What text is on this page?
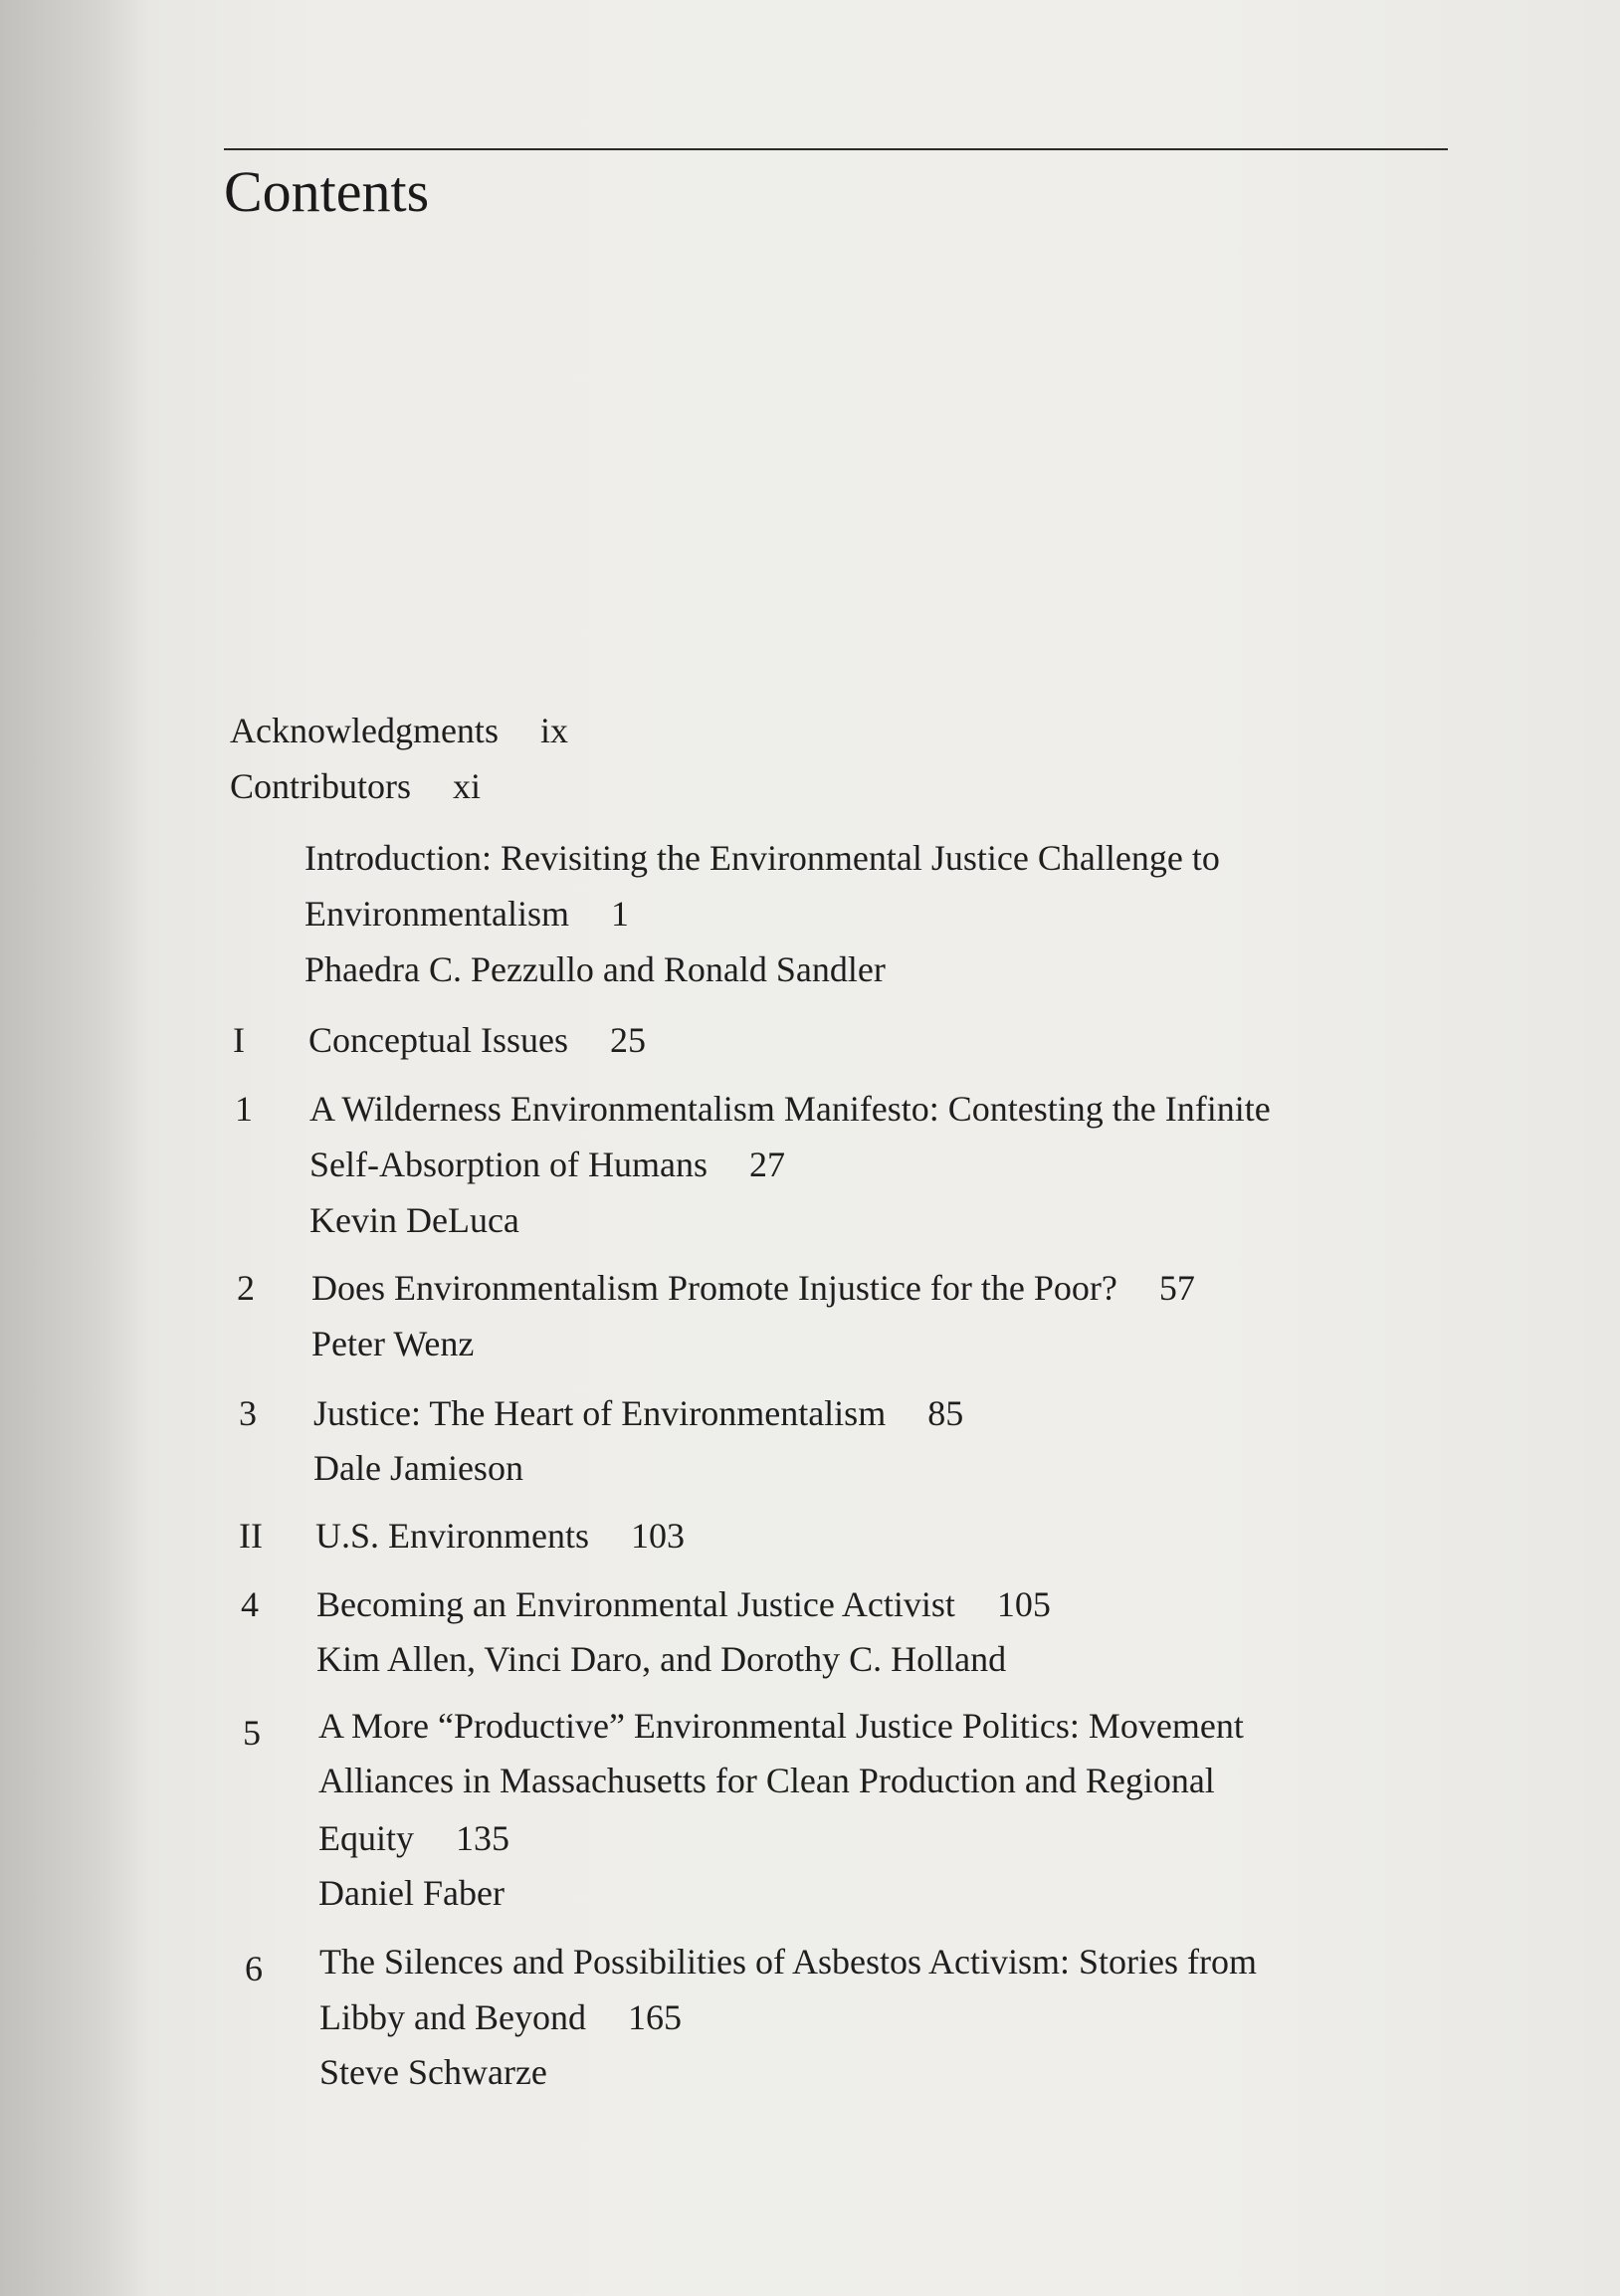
Contents
Acknowledgments ix
Contributors xi
Introduction: Revisiting the Environmental Justice Challenge to
Environmentalism 1
Phaedra C. Pezzullo and Ronald Sandler
I Conceptual Issues 25
1 A Wilderness Environmentalism Manifesto: Contesting the Infinite
Self-Absorption of Humans 27
Kevin DeLuca
2 Does Environmentalism Promote Injustice for the Poor? 57
Peter Wenz
3 Justice: The Heart of Environmentalism 85
Dale Jamieson
II U.S. Environments 103
4 Becoming an Environmental Justice Activist 105
Kim Allen, Vinci Daro, and Dorothy C. Holland
5 A More “Productive” Environmental Justice Politics: Movement
Alliances in Massachusetts for Clean Production and Regional
Equity 135
Daniel Faber
6 The Silences and Possibilities of Asbestos Activism: Stories from
Libby and Beyond 165
Steve Schwarze
